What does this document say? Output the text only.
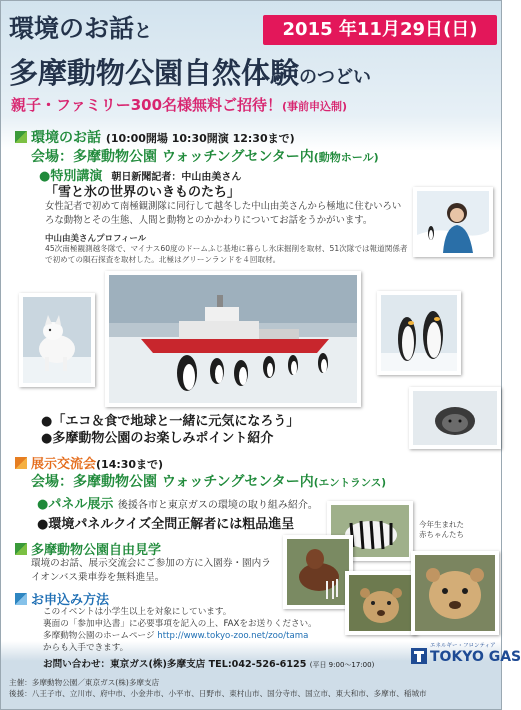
環境のお話と	2015 年11月29日(日)
多摩動物公園自然体験のつどい
親子・ファミリー300名様無料ご招待！(事前申込制)
環境のお話 (10:00開場 10:30開演 12:30まで)
会場：多摩動物公園 ウォッチングセンター内(動物ホール)
●特別講演 朝日新聞記者：中山由美さん
「雪と氷の世界のいきものたち」
女性記者で初めて南極観測隊に同行して越冬した中山由美さんから極地に住むいろいろな動物とその生態、人間と動物とのかかわりについてお話をうかがいます。
中山由美さんプロフィール
45次南極観測越冬隊で、マイナス60度のドームふじ基地に暮らし氷床掘削を取材、51次隊では報道関係者で初めての隕石探査を取材した。北極はグリーンランドを４回取材。
●「エコ＆食で地球と一緒に元気になろう」
●多摩動物公園のお楽しみポイント紹介
展示交流会(14:30まで)
会場：多摩動物公園 ウォッチングセンター内(エントランス)
●パネル展示 後援各市と東京ガスの環境の取り組み紹介。
●環境パネルクイズ全問正解者には粗品進呈
多摩動物公園自由見学
環境のお話、展示交流会にご参加の方に入園券・園内ライオンバス乗車券を無料進呈。
今年生まれた
赤ちゃんたち
お申込み方法
このイベントは小学生以上を対象にしています。
裏面の「参加申込書」に必要事項を記入の上、FAXをお送りください。
多摩動物公園のホームページ http://www.tokyo-zoo.net/zoo/tama
からも入手できます。
お問い合わせ：東京ガス(株)多摩支店 TEL:042-526-6125 (平日 9:00〜17:00)
エネルギー・フロンティア
TOKYO GAS
主催：多摩動物公園／東京ガス(株)多摩支店
後援：八王子市、立川市、府中市、小金井市、小平市、日野市、東村山市、国分寺市、国立市、東大和市、多摩市、稲城市
